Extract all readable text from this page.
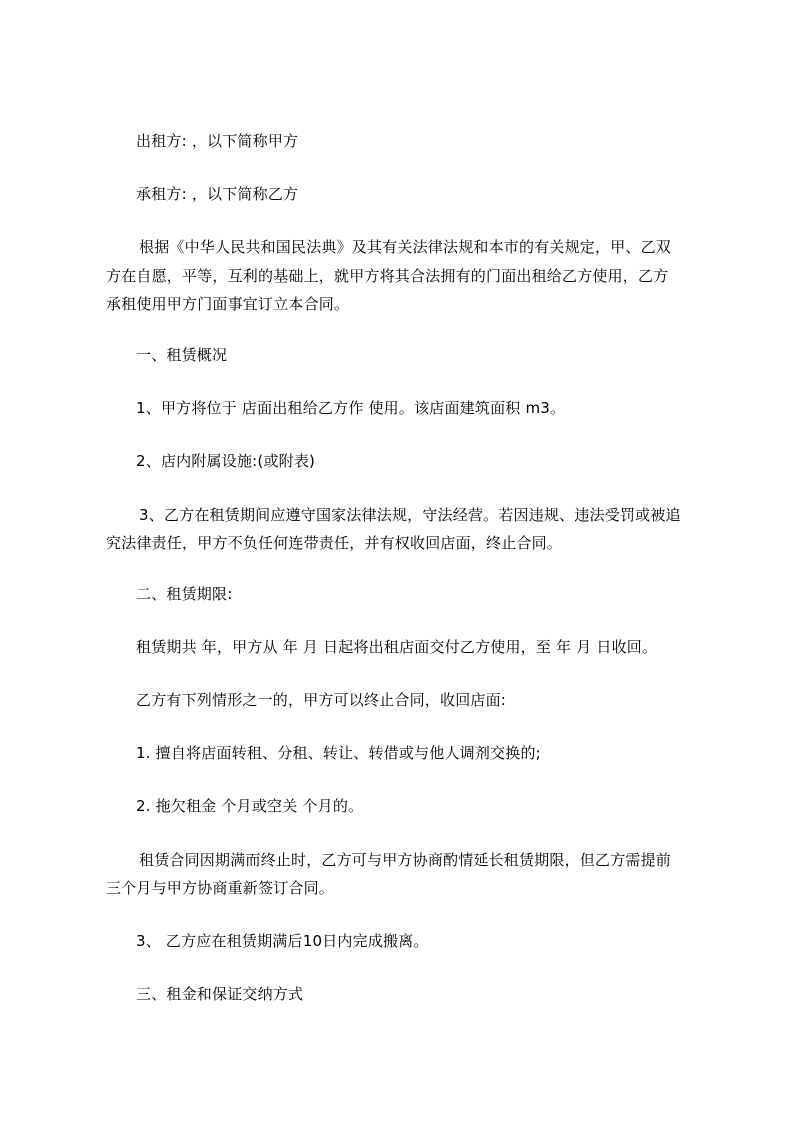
出租方: ，以下简称甲方
承租方: ，以下简称乙方
根据《中华人民共和国民法典》及其有关法律法规和本市的有关规定，甲、乙双
方在自愿，平等，互利的基础上，就甲方将其合法拥有的门面出租给乙方使用，乙方
承租使用甲方门面事宜订立本合同。
一、租赁概况
1、甲方将位于 店面出租给乙方作 使用。该店面建筑面积 m3。
2、店内附属设施:(或附表)
3、乙方在租赁期间应遵守国家法律法规，守法经营。若因违规、违法受罚或被追
究法律责任，甲方不负任何连带责任，并有权收回店面，终止合同。
二、租赁期限:
租赁期共 年，甲方从 年 月 日起将出租店面交付乙方使用，至 年 月 日收回。
乙方有下列情形之一的，甲方可以终止合同，收回店面:
1. 擅自将店面转租、分租、转让、转借或与他人调剂交换的;
2. 拖欠租金 个月或空关 个月的。
租赁合同因期满而终止时，乙方可与甲方协商酌情延长租赁期限，但乙方需提前
三个月与甲方协商重新签订合同。
3、 乙方应在租赁期满后10日内完成搬离。
三、租金和保证交纳方式
